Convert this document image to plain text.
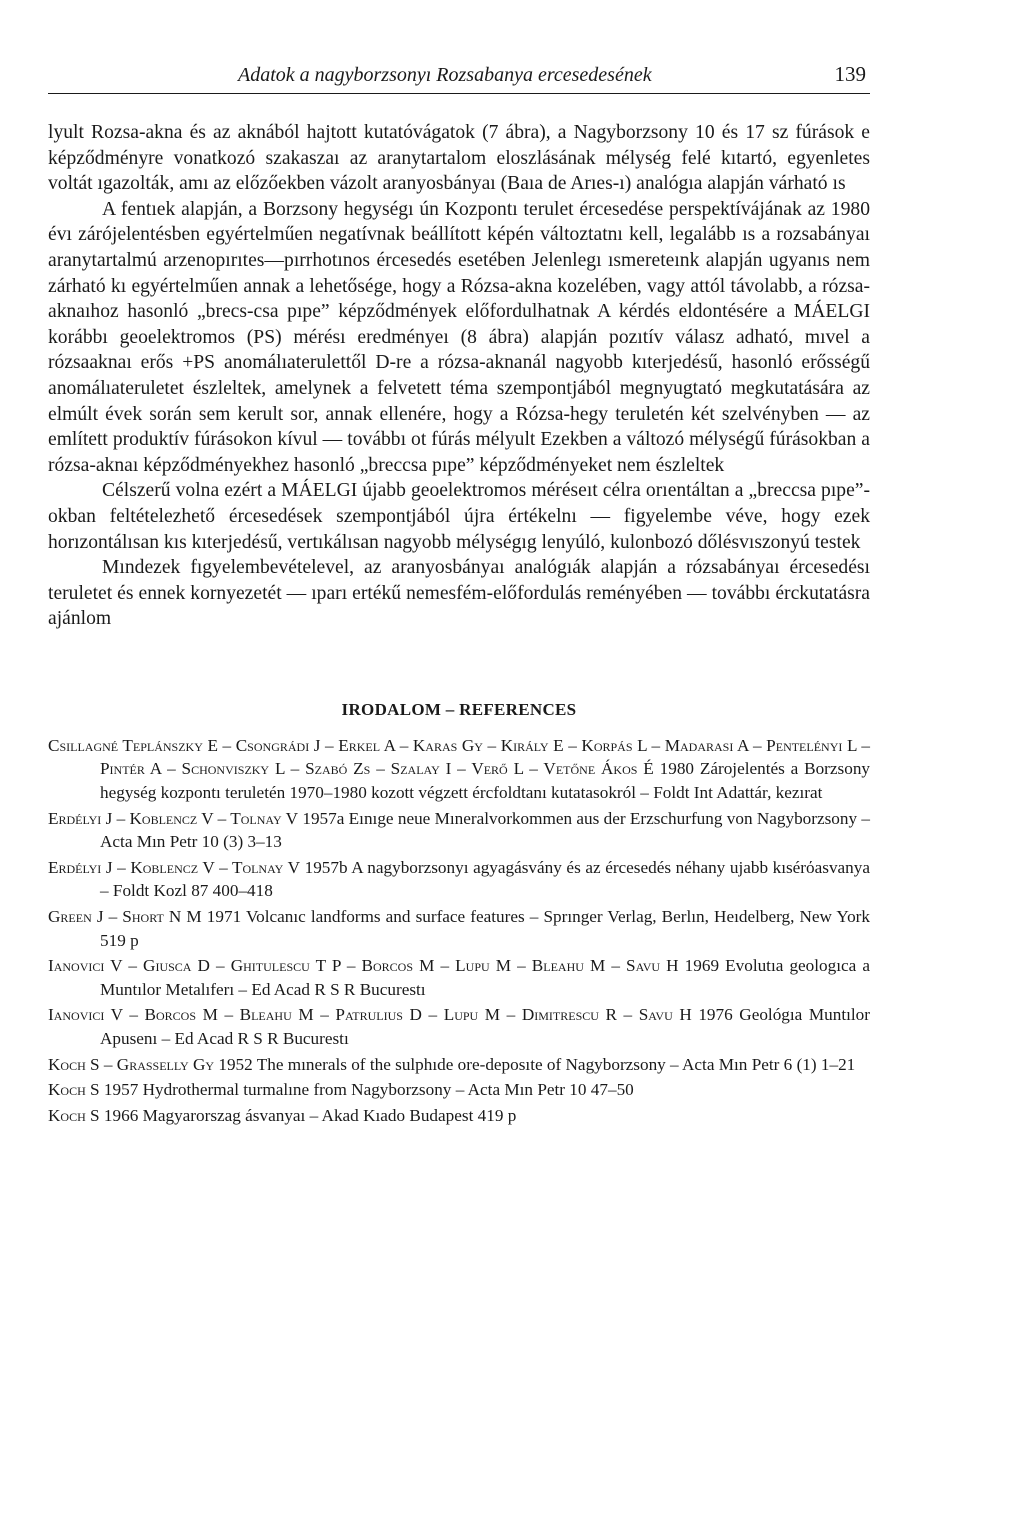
Adatok a nagyborzsonyı Rozsabanya ercesedesének	139

lyult Rozsa-akna és az aknából hajtott kutatóvágatok (7 ábra), a Nagyborzsony 10 és 17 sz fúrások e képződményre vonatkozó szakaszaı az aranytartalom eloszlásának mélység felé kıtartó, egyenletes voltát ıgazolták, amı az előzőekben vázolt aranyosbányaı (Baıa de Arıes-ı) analógıa alapján várható ıs

A fentıek alapján, a Borzsony hegységı ún Kozpontı terulet ércesedése perspektívájának az 1980 évı zárójelentésben egyértelműen negatívnak beállított képén változtatnı kell, legalább ıs a rozsabányaı aranytartalmú arzenopırıtes—pırrhotınos ércesedés esetében Jelenlegı ısmereteınk alapján ugyanıs nem zárható kı egyértelműen annak a lehetősége, hogy a Rózsa-akna kozelében, vagy attól távolabb, a rózsa-aknaıhoz hasonló „brecs-csa pıpe” képződmények előfordulhatnak A kérdés eldontésére a MÁELGI korábbı geoelektromos (PS) mérésı eredményeı (8 ábra) alapján pozıtív válasz adható, mıvel a rózsaaknaı erős +PS anomálıaterulettől D-re a rózsa-aknanál nagyobb kıterjedésű, hasonló erősségű anomálıateruletet észleltek, amelynek a felvetett téma szempontjából megnyugtató megkutatására az elmúlt évek során sem kerult sor, annak ellenére, hogy a Rózsa-hegy teruletén két szelvényben — az említett produktív fúrásokon kívul — továbbı ot fúrás mélyult Ezekben a változó mélységű fúrásokban a rózsa-aknaı képződményekhez hasonló „breccsa pıpe” képződményeket nem észleltek

Célszerű volna ezért a MÁELGI újabb geoelektromos méréseıt célra orıentáltan a „breccsa pıpe”-okban feltételezhető ércesedések szempontjából újra értékelnı — figyelembe véve, hogy ezek horızontálısan kıs kıterjedésű, vertıkálısan nagyobb mélységıg lenyúló, kulonbozó dőlésvıszonyú testek

Mındezek fıgyelembevételevel, az aranyosbányaı analógıák alapján a rózsabányaı ércesedésı teruletet és ennek kornyezetét — ıparı ertékű nemesfém-előfordulás reményében — továbbı érckutatásra ajánlom

IRODALOM – REFERENCES

Csillagné Teplánszky E – Csongrádi J – Erkel A – Karas Gy – Király E – Korpás L – Madarasi A – Pentelényi L – Pintér A – Schonviszky L – Szabó Zs – Szalay I – Verő L – Vetőne Ákos É 1980 Zárojelentés a Borzsony hegység kozpontı teruletén 1970–1980 kozott végzett ércfoldtanı kutatasokról – Foldt Int Adattár, kezırat

Erdélyi J – Koblencz V – Tolnay V 1957a Eınıge neue Mıneralvorkommen aus der Erzschurfung von Nagyborzsony – Acta Mın Petr 10 (3) 3–13

Erdélyi J – Koblencz V – Tolnay V 1957b A nagyborzsonyı agyagásvány és az ércesedés néhany ujabb kısérόasvanya – Foldt Kozl 87 400–418

Green J – Short N M 1971 Volcanıc landforms and surface features – Sprınger Verlag, Berlın, Heıdelberg, New York 519 p

Ianovici V – Giusca D – Ghitulescu T P – Borcos M – Lupu M – Bleahu M – Savu H 1969 Evolutıa geologıca a Muntılor Metalıferı – Ed Acad R S R Bucurestı

Ianovici V – Borcos M – Bleahu M – Patrulius D – Lupu M – Dimitrescu R – Savu H 1976 Geológıa Muntılor Apusenı – Ed Acad R S R Bucurestı

Koch S – Grasselly Gy 1952 The mınerals of the sulphıde ore-deposıte of Nagyborzsony – Acta Mın Petr 6 (1) 1–21

Koch S 1957 Hydrothermal turmalıne from Nagyborzsony – Acta Mın Petr 10 47–50

Koch S 1966 Magyarorszag ásvanyaı – Akad Kıado Budapest 419 p
